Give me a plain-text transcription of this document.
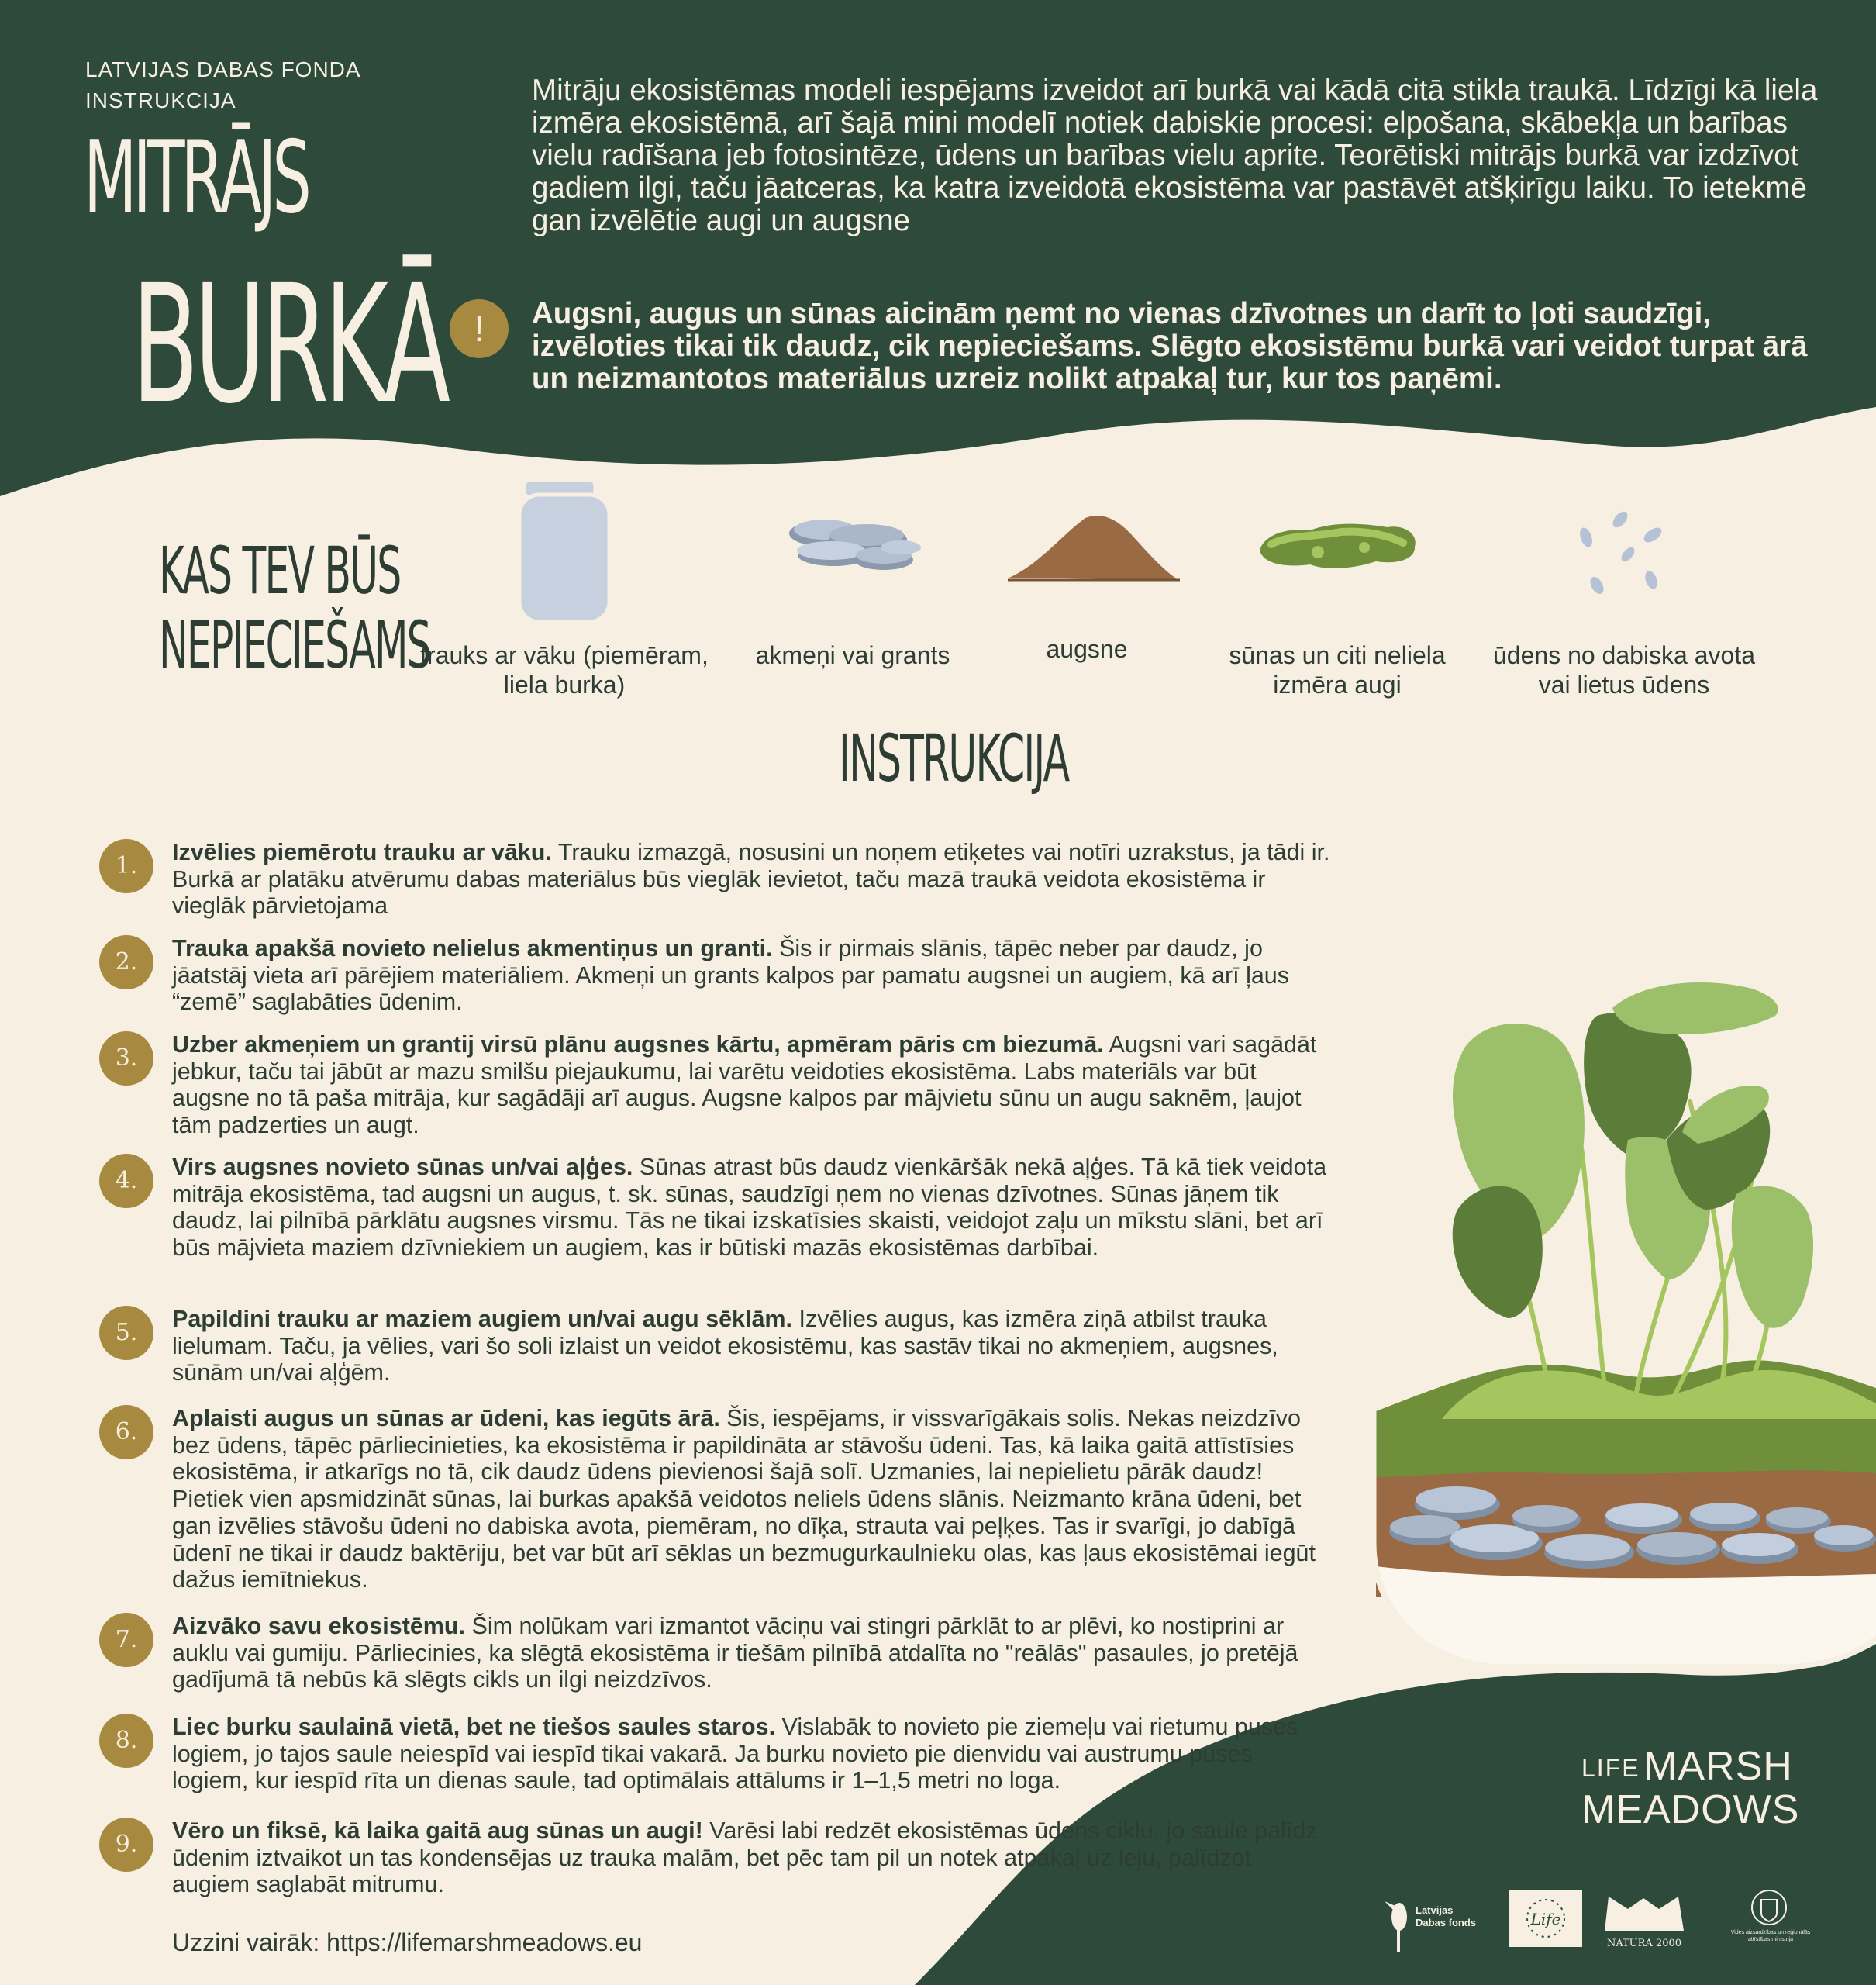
Life
NATURA 2000
LATVIJAS DABAS FONDA INSTRUKCIJA
MITRĀJS
BURKĀ
Mitrāju ekosistēmas modeli iespējams izveidot arī burkā vai kādā citā stikla traukā. Līdzīgi kā liela izmēra ekosistēmā, arī šajā mini modelī notiek dabiskie procesi: elpošana, skābekļa un barības vielu radīšana jeb fotosintēze, ūdens un barības vielu aprite. Teorētiski mitrājs burkā var izdzīvot gadiem ilgi, taču jāatceras, ka katra izveidotā ekosistēma var pastāvēt atšķirīgu laiku. To ietekmē gan izvēlētie augi un augsne
!	Augsni, augus un sūnas aicinām ņemt no vienas dzīvotnes un darīt to ļoti saudzīgi, izvēloties tikai tik daudz, cik nepieciešams. Slēgto ekosistēmu burkā vari veidot turpat ārā un neizmantotos materiālus uzreiz nolikt atpakaļ tur, kur tos paņēmi.
KAS TEV BŪS
NEPIECIEŠAMS
trauks ar vāku (piemēram, liela burka)
akmeņi vai grants	augsne	sūnas un citi neliela izmēra augi
ūdens no dabiska avota vai lietus ūdens
INSTRUKCIJA
1.	Izvēlies piemērotu trauku ar vāku. Trauku izmazgā, nosusini un noņem etiķetes vai notīri uzrakstus, ja tādi ir. Burkā ar platāku atvērumu dabas materiālus būs vieglāk ievietot, taču mazā traukā veidota ekosistēma ir vieglāk pārvietojama
2.	Trauka apakšā novieto nelielus akmentiņus un granti. Šis ir pirmais slānis, tāpēc neber par daudz, jo jāatstāj vieta arī pārējiem materiāliem. Akmeņi un grants kalpos par pamatu augsnei un augiem, kā arī ļaus “zemē” saglabāties ūdenim.
3.	Uzber akmeņiem un grantij virsū plānu augsnes kārtu, apmēram pāris cm biezumā. Augsni vari sagādāt jebkur, taču tai jābūt ar mazu smilšu piejaukumu, lai varētu veidoties ekosistēma. Labs materiāls var būt augsne no tā paša mitrāja, kur sagādāji arī augus. Augsne kalpos par mājvietu sūnu un augu saknēm, ļaujot tām padzerties un augt.
4.	Virs augsnes novieto sūnas un/vai aļģes. Sūnas atrast būs daudz vienkāršāk nekā aļģes. Tā kā tiek veidota mitrāja ekosistēma, tad augsni un augus, t. sk. sūnas, saudzīgi ņem no vienas dzīvotnes. Sūnas jāņem tik daudz, lai pilnībā pārklātu augsnes virsmu. Tās ne tikai izskatīsies skaisti, veidojot zaļu un mīkstu slāni, bet arī būs mājvieta maziem dzīvniekiem un augiem, kas ir būtiski mazās ekosistēmas darbībai.
5.	Papildini trauku ar maziem augiem un/vai augu sēklām. Izvēlies augus, kas izmēra ziņā atbilst trauka lielumam. Taču, ja vēlies, vari šo soli izlaist un veidot ekosistēmu, kas sastāv tikai no akmeņiem, augsnes, sūnām un/vai aļģēm.
6.	Aplaisti augus un sūnas ar ūdeni, kas iegūts ārā. Šis, iespējams, ir vissvarīgākais solis. Nekas neizdzīvo bez ūdens, tāpēc pārliecinieties, ka ekosistēma ir papildināta ar stāvošu ūdeni. Tas, kā laika gaitā attīstīsies ekosistēma, ir atkarīgs no tā, cik daudz ūdens pievienosi šajā solī. Uzmanies, lai nepielietu pārāk daudz! Pietiek vien apsmidzināt sūnas, lai burkas apakšā veidotos neliels ūdens slānis. Neizmanto krāna ūdeni, bet gan izvēlies stāvošu ūdeni no dabiska avota, piemēram, no dīķa, strauta vai peļķes. Tas ir svarīgi, jo dabīgā ūdenī ne tikai ir daudz baktēriju, bet var būt arī sēklas un bezmugurkaulnieku olas, kas ļaus ekosistēmai iegūt dažus iemītniekus.
7.	Aizvāko savu ekosistēmu. Šim nolūkam vari izmantot vāciņu vai stingri pārklāt to ar plēvi, ko nostiprini ar auklu vai gumiju. Pārliecinies, ka slēgtā ekosistēma ir tiešām pilnībā atdalīta no "reālās" pasaules, jo pretējā gadījumā tā nebūs kā slēgts cikls un ilgi neizdzīvos.
8.	Liec burku saulainā vietā, bet ne tiešos saules staros. Vislabāk to novieto pie ziemeļu vai rietumu puses logiem, jo tajos saule neiespīd vai iespīd tikai vakarā. Ja burku novieto pie dienvidu vai austrumu puses logiem, kur iespīd rīta un dienas saule, tad optimālais attālums ir 1–1,5 metri no loga.
9.	Vēro un fiksē, kā laika gaitā aug sūnas un augi! Varēsi labi redzēt ekosistēmas ūdens ciklu, jo saule palīdz ūdenim iztvaikot un tas kondensējas uz trauka malām, bet pēc tam pil un notek atpakaļ uz leju, palīdzot augiem saglabāt mitrumu.
Uzzini vairāk: https://lifemarshmeadows.eu
LIFE MARSH
MEADOWS
Latvijas Dabas fonds
Vides aizsardzības un reģionālās attīstības ministrija
